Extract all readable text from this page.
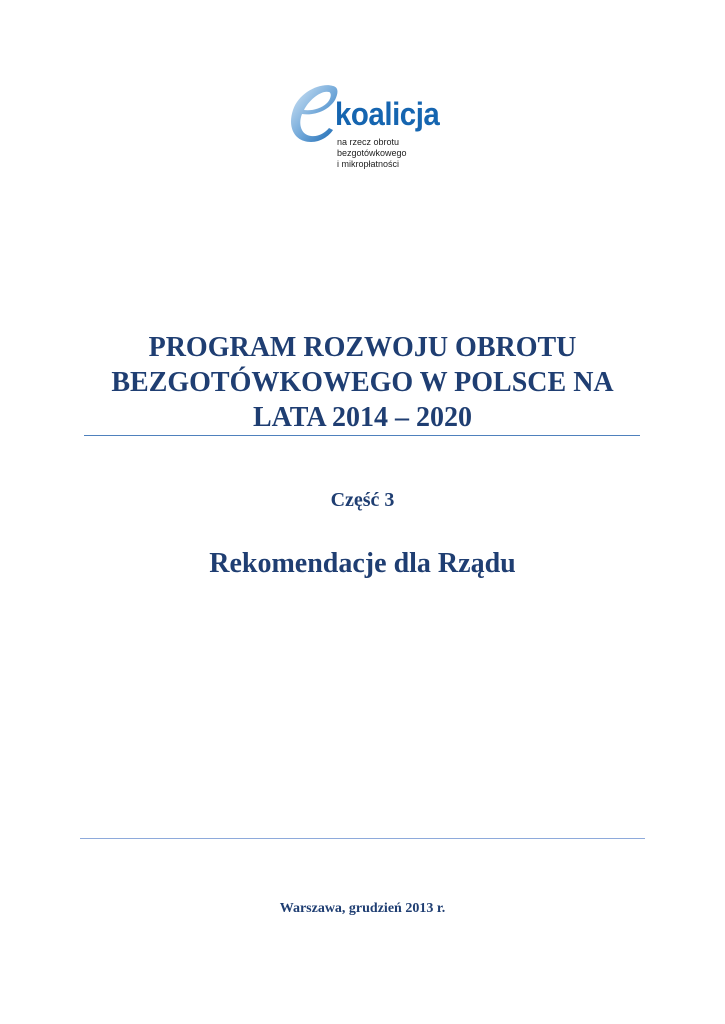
koalicja
na rzecz obrotu
bezgotówkowego
i mikropłatności
PROGRAM ROZWOJU OBROTU
BEZGOTÓWKOWEGO W POLSCE NA
LATA 2014 – 2020
Część 3
Rekomendacje dla Rządu
Warszawa, grudzień 2013 r.
